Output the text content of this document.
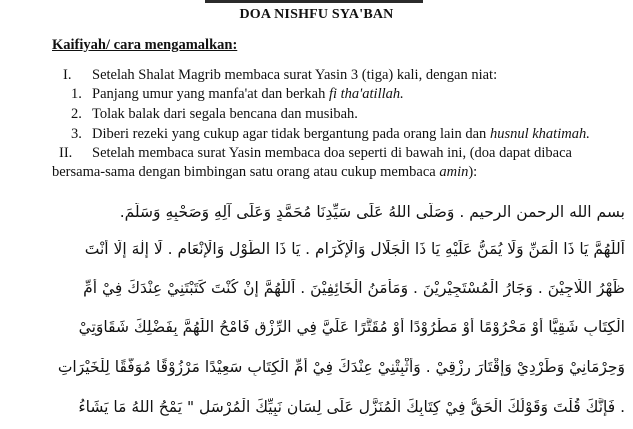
DOA NISHFU SYA'BAN
Kaifiyah/ cara mengamalkan:
I. Setelah Shalat Magrib membaca surat Yasin 3 (tiga) kali, dengan niat:
1. Panjang umur yang manfa'at dan berkah fi tha'atillah.
2. Tolak balak dari segala bencana dan musibah.
3. Diberi rezeki yang cukup agar tidak bergantung pada orang lain dan husnul khatimah.
II. Setelah membaca surat Yasin membaca doa seperti di bawah ini, (doa dapat dibaca
bersama-sama dengan bimbingan satu orang atau cukup membaca amin):
بسم الله الرحمن الرحيم . وَصَلَّى اللهُ عَلَى سَيِّدِنَا مُحَمَّدٍ وَعَلَى آلِهِ وَصَحْبِهِ وَسَلَّمَ.
اَللّٰهُمَّ يَا ذَا الْمَنِّ وَلَا يُمَنُّ عَلَيْهِ يَا ذَا الْجَلَالِ وَالْإِكْرَامِ . يَا ذَا الطَّوْلِ وَالْإِنْعَامِ . لَا إِلٰهَ إِلَّا أَنْتَ
ظَهْرُ اللَّاجِيْنَ . وَجَارُ الْمُسْتَجِيْرِيْنَ . وَمَأْمَنُ الْخَائِفِيْنَ . اَللّٰهُمَّ إِنْ كُنْتَ كَتَبْتَنِيْ عِنْدَكَ فِيْ أُمِّ
الْكِتَابِ شَقِيًّا أَوْ مَحْرُوْمًا أَوْ مَطْرُوْدًا أَوْ مُقَتَّرًا عَلَيَّ فِي الرِّزْقِ فَامْحُ اللّٰهُمَّ بِفَضْلِكَ شَقَاوَتِيْ
وَحِرْمَانِيْ وَطَرْدِيْ وَإِقْتَارَ رِزْقِيْ . وَأَثْبِتْنِيْ عِنْدَكَ فِيْ أُمِّ الْكِتَابِ سَعِيْدًا مَرْزُوْقًا مُوَفَّقًا لِلْخَيْرَاتِ
. فَإِنَّكَ قُلْتَ وَقَوْلُكَ الْحَقُّ فِيْ كِتَابِكَ الْمُنَزَّلِ عَلَى لِسَانِ نَبِيِّكَ الْمُرْسَلِ " يَمْحُ اللهُ مَا يَشَاءُ
